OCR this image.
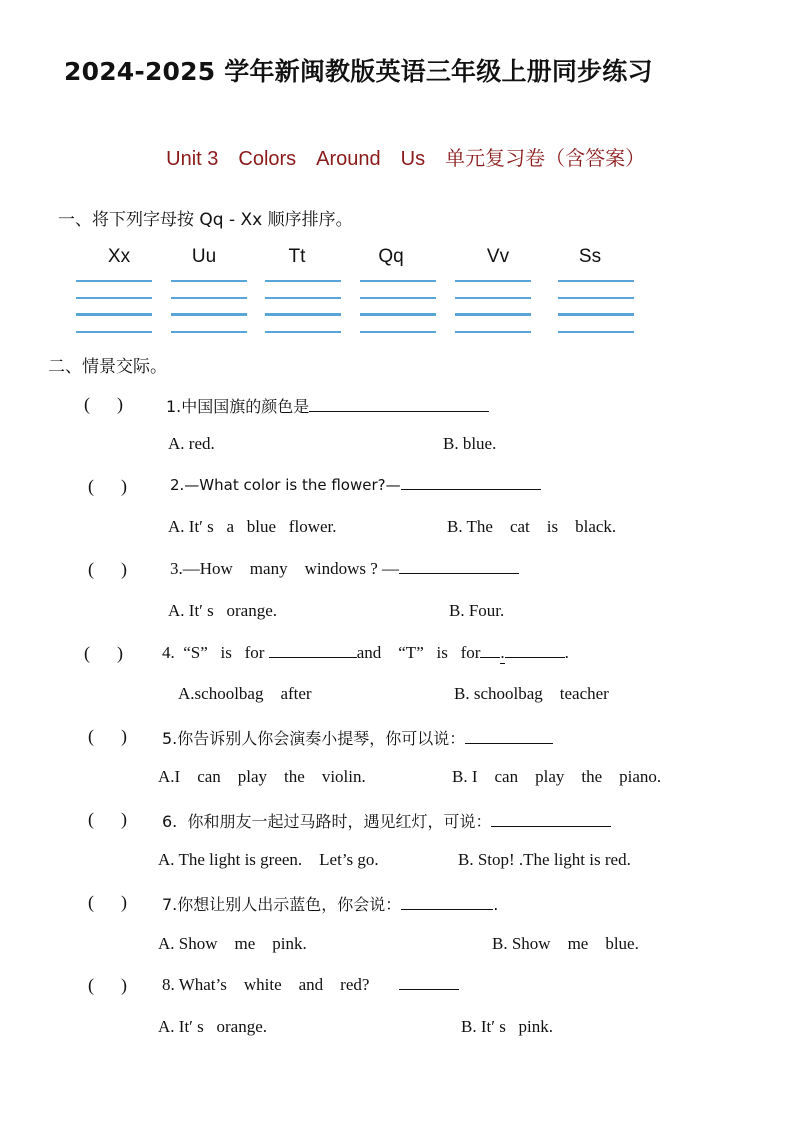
2024-2025 学年新闽教版英语三年级上册同步练习

Unit 3 Colors Around Us 单元复习卷（含答案）

一、将下列字母按 Qq - Xx 顺序排序。
Xx	Uu	Tt	Qq	Vv	Ss
二、情景交际。
(      )	1.中国国旗的颜色是
A. red.	B. blue.
(      )	2.—What color is the flower?—
A. It′ s   a   blue   flower.	B. The    cat    is    black.
(      )	3.—How    many    windows ? —
A. It′ s   orange.	B. Four.
(      ) 4.  “S”   is   for	and    “T”   is   for .	.
A.schoolbag    after	B. schoolbag    teacher
(      ) 5.你告诉别人你会演奏小提琴，你可以说：
A.I    can    play    the    violin.	B. I    can    play    the    piano.
(      ) 6.  你和朋友一起过马路时，遇见红灯，可说：
A. The light is green.    Let’s go.	B. Stop! .The light is red.
(      ) 7.你想让别人出示蓝色，你会说：	.
A. Show    me    pink.	B. Show    me    blue.
(      ) 8. What’s    white    and    red?
A. It′ s   orange.	B. It′ s   pink.
